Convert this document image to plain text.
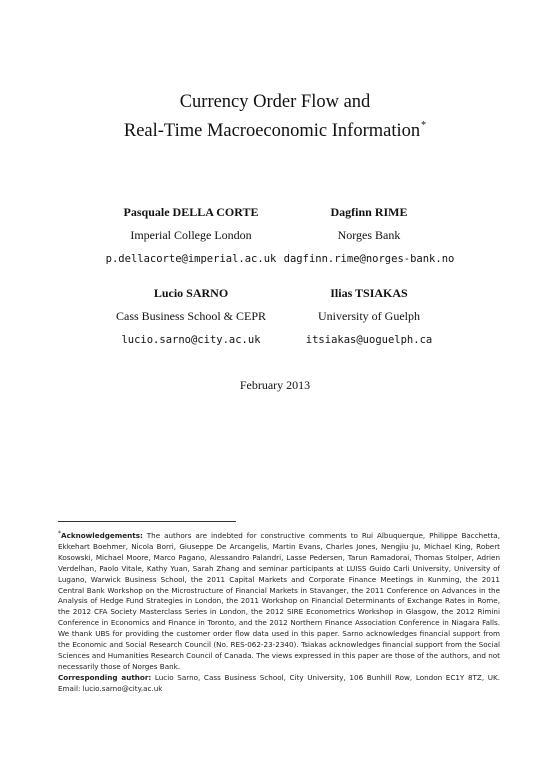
Currency Order Flow and
Real-Time Macroeconomic Information*
Pasquale DELLA CORTE
Imperial College London
p.dellacorte@imperial.ac.uk
Dagfinn RIME
Norges Bank
dagfinn.rime@norges-bank.no
Lucio SARNO
Cass Business School & CEPR
lucio.sarno@city.ac.uk
Ilias TSIAKAS
University of Guelph
itsiakas@uoguelph.ca
February 2013
*Acknowledgements: The authors are indebted for constructive comments to Rui Albuquerque, Philippe Bacchetta, Ekkehart Boehmer, Nicola Borri, Giuseppe De Arcangelis, Martin Evans, Charles Jones, Nengjiu Ju, Michael King, Robert Kosowski, Michael Moore, Marco Pagano, Alessandro Palandri, Lasse Pedersen, Tarun Ramadorai, Thomas Stolper, Adrien Verdelhan, Paolo Vitale, Kathy Yuan, Sarah Zhang and seminar participants at LUISS Guido Carli University, University of Lugano, Warwick Business School, the 2011 Capital Markets and Corporate Finance Meetings in Kunming, the 2011 Central Bank Workshop on the Microstructure of Financial Markets in Stavanger, the 2011 Conference on Advances in the Analysis of Hedge Fund Strategies in London, the 2011 Workshop on Financial Determinants of Exchange Rates in Rome, the 2012 CFA Society Masterclass Series in London, the 2012 SIRE Econometrics Workshop in Glasgow, the 2012 Rimini Conference in Economics and Finance in Toronto, and the 2012 Northern Finance Association Conference in Niagara Falls. We thank UBS for providing the customer order flow data used in this paper. Sarno acknowledges financial support from the Economic and Social Research Council (No. RES-062-23-2340). Tsiakas acknowledges financial support from the Social Sciences and Humanities Research Council of Canada. The views expressed in this paper are those of the authors, and not necessarily those of Norges Bank.
Corresponding author: Lucio Sarno, Cass Business School, City University, 106 Bunhill Row, London EC1Y 8TZ, UK. Email: lucio.sarno@city.ac.uk
